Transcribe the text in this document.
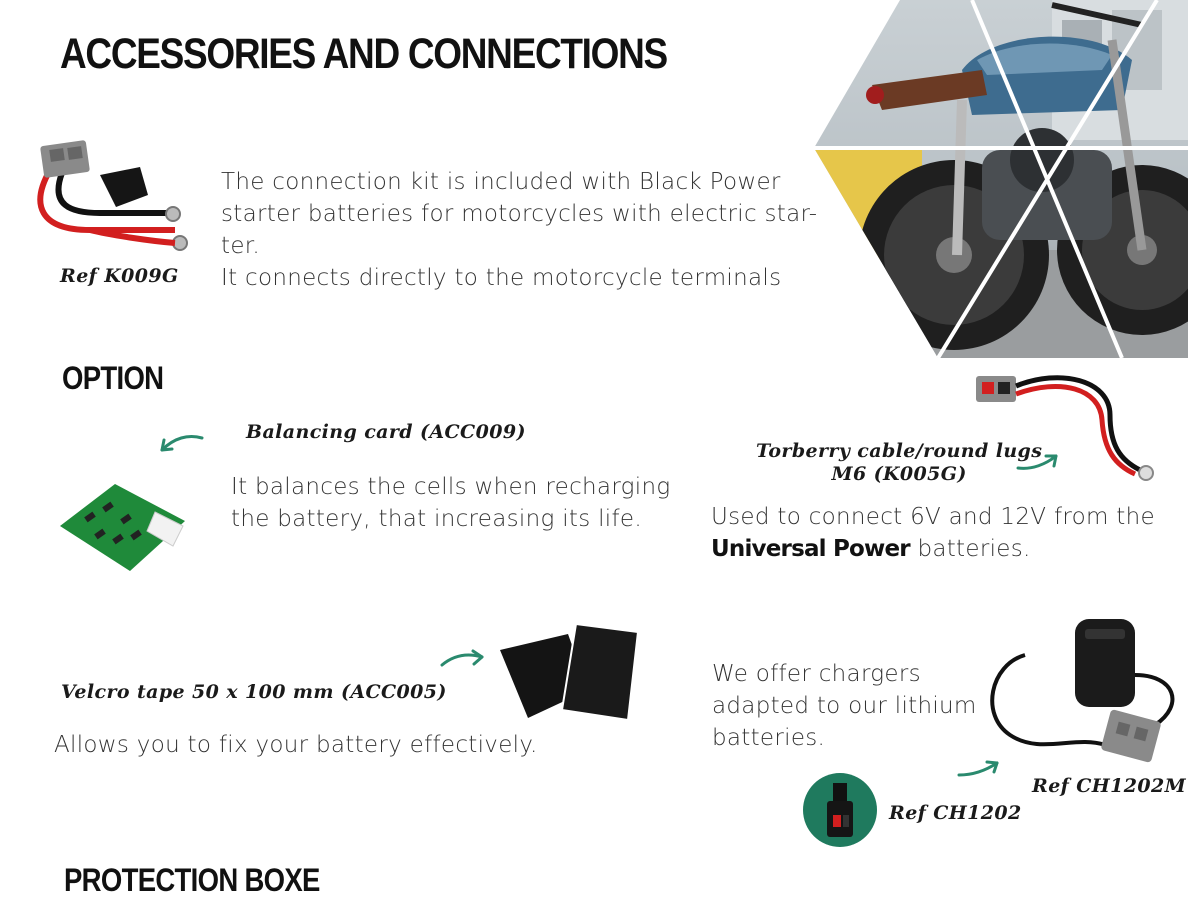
ACCESSORIES AND CONNECTIONS
Ref K009G
The connection kit is included with Black Power
starter batteries for motorcycles with electric star-
ter.
It connects directly to the motorcycle terminals
OPTION
Balancing card (ACC009)
It balances the cells when recharging
the battery, that increasing its life.
Torberry cable/round lugs
M6 (K005G)
Used to connect 6V and 12V from the
Universal Power batteries.
Velcro tape 50 x 100 mm (ACC005)
Allows you to fix your battery effectively.
We offer chargers
adapted to our lithium
batteries.
Ref CH1202M
Ref CH1202
PROTECTION BOXE
